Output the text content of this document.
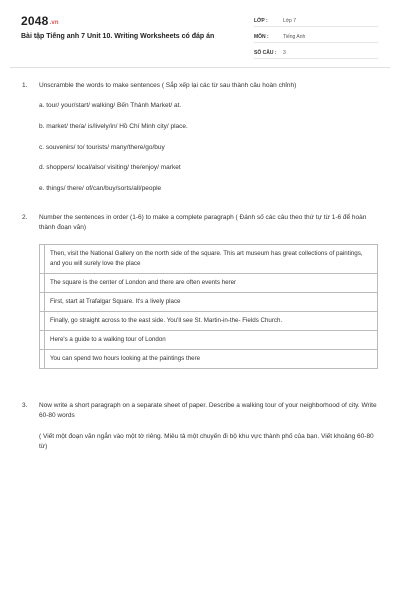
2048.vn
Bài tập Tiếng anh 7 Unit 10. Writing Worksheets có đáp án
LỚP :	Lớp 7
MÔN :	Tiếng Anh
SỐ CÂU :	3
1. Unscramble the words to make sentences ( Sắp xếp lại các từ sau thành câu hoàn chỉnh)
a. tour/ your/start/ walking/ Bến Thành Market/ at.
b. market/ the/a/ is/lively/in/ Hồ Chí Minh city/ place.
c. souvenirs/ to/ tourists/ many/there/go/buy
d. shoppers/ local/also/ visiting/ the/enjoy/ market
e. things/ there/ of/can/buy/sorts/all/people
2. Number the sentences in order (1-6) to make a complete paragraph ( Đánh số các câu theo thứ tự từ 1-6 để hoàn thành đoạn văn)
	Then, visit the National Gallery on the north side of the square. This art museum has great collections of paintings, and you will surely love the place
	The square is the center of London and there are often events herer
	First, start at Trafalgar Square. It's a lively place
	Finally, go straight across to the east side. You'll see St. Martin-in-the- Fields Church.
	Here's a guide to a walking tour of London
	You can spend two hours looking at the paintings there
3. Now write a short paragraph on a separate sheet of paper. Describe a walking tour of your neighborhood of city. Write 60-80 words
( Viết một đoạn văn ngắn vào một tờ riêng. Miêu tả một chuyến đi bộ khu vực thành phố của bạn. Viết khoảng 60-80 từ)
